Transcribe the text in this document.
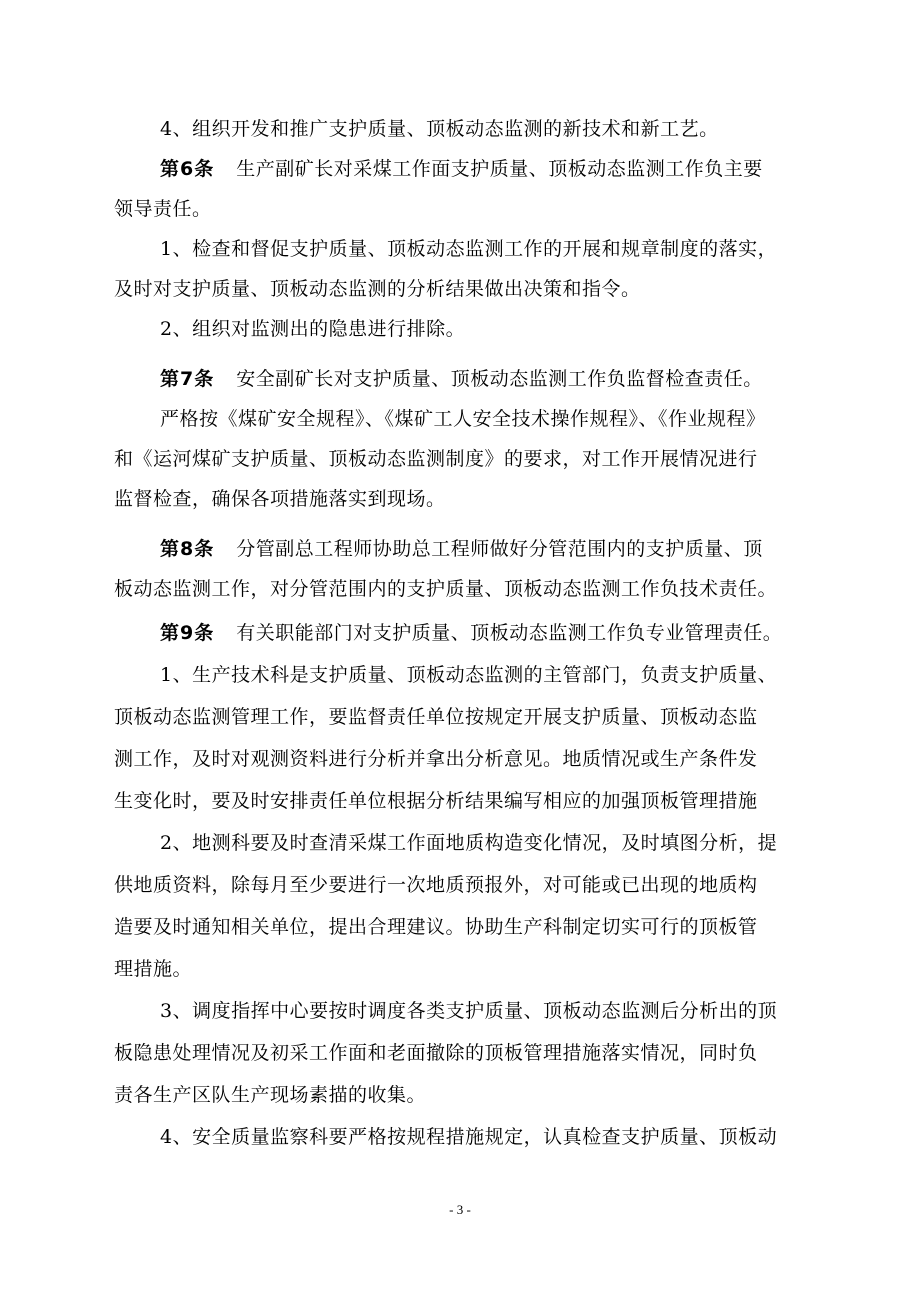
4、组织开发和推广支护质量、顶板动态监测的新技术和新工艺。
第6条 生产副矿长对采煤工作面支护质量、顶板动态监测工作负主要
领导责任。
1、检查和督促支护质量、顶板动态监测工作的开展和规章制度的落实，
及时对支护质量、顶板动态监测的分析结果做出决策和指令。
2、组织对监测出的隐患进行排除。
第7条 安全副矿长对支护质量、顶板动态监测工作负监督检查责任。
严格按《煤矿安全规程》、《煤矿工人安全技术操作规程》、《作业规程》
和《运河煤矿支护质量、顶板动态监测制度》的要求，对工作开展情况进行
监督检查，确保各项措施落实到现场。
第8条 分管副总工程师协助总工程师做好分管范围内的支护质量、顶
板动态监测工作，对分管范围内的支护质量、顶板动态监测工作负技术责任。
第9条 有关职能部门对支护质量、顶板动态监测工作负专业管理责任。
1、生产技术科是支护质量、顶板动态监测的主管部门，负责支护质量、
顶板动态监测管理工作，要监督责任单位按规定开展支护质量、顶板动态监
测工作，及时对观测资料进行分析并拿出分析意见。地质情况或生产条件发
生变化时，要及时安排责任单位根据分析结果编写相应的加强顶板管理措施
2、地测科要及时查清采煤工作面地质构造变化情况，及时填图分析，提
供地质资料，除每月至少要进行一次地质预报外，对可能或已出现的地质构
造要及时通知相关单位，提出合理建议。协助生产科制定切实可行的顶板管
理措施。
3、调度指挥中心要按时调度各类支护质量、顶板动态监测后分析出的顶
板隐患处理情况及初采工作面和老面撤除的顶板管理措施落实情况，同时负
责各生产区队生产现场素描的收集。
4、安全质量监察科要严格按规程措施规定，认真检查支护质量、顶板动
- 3 -
